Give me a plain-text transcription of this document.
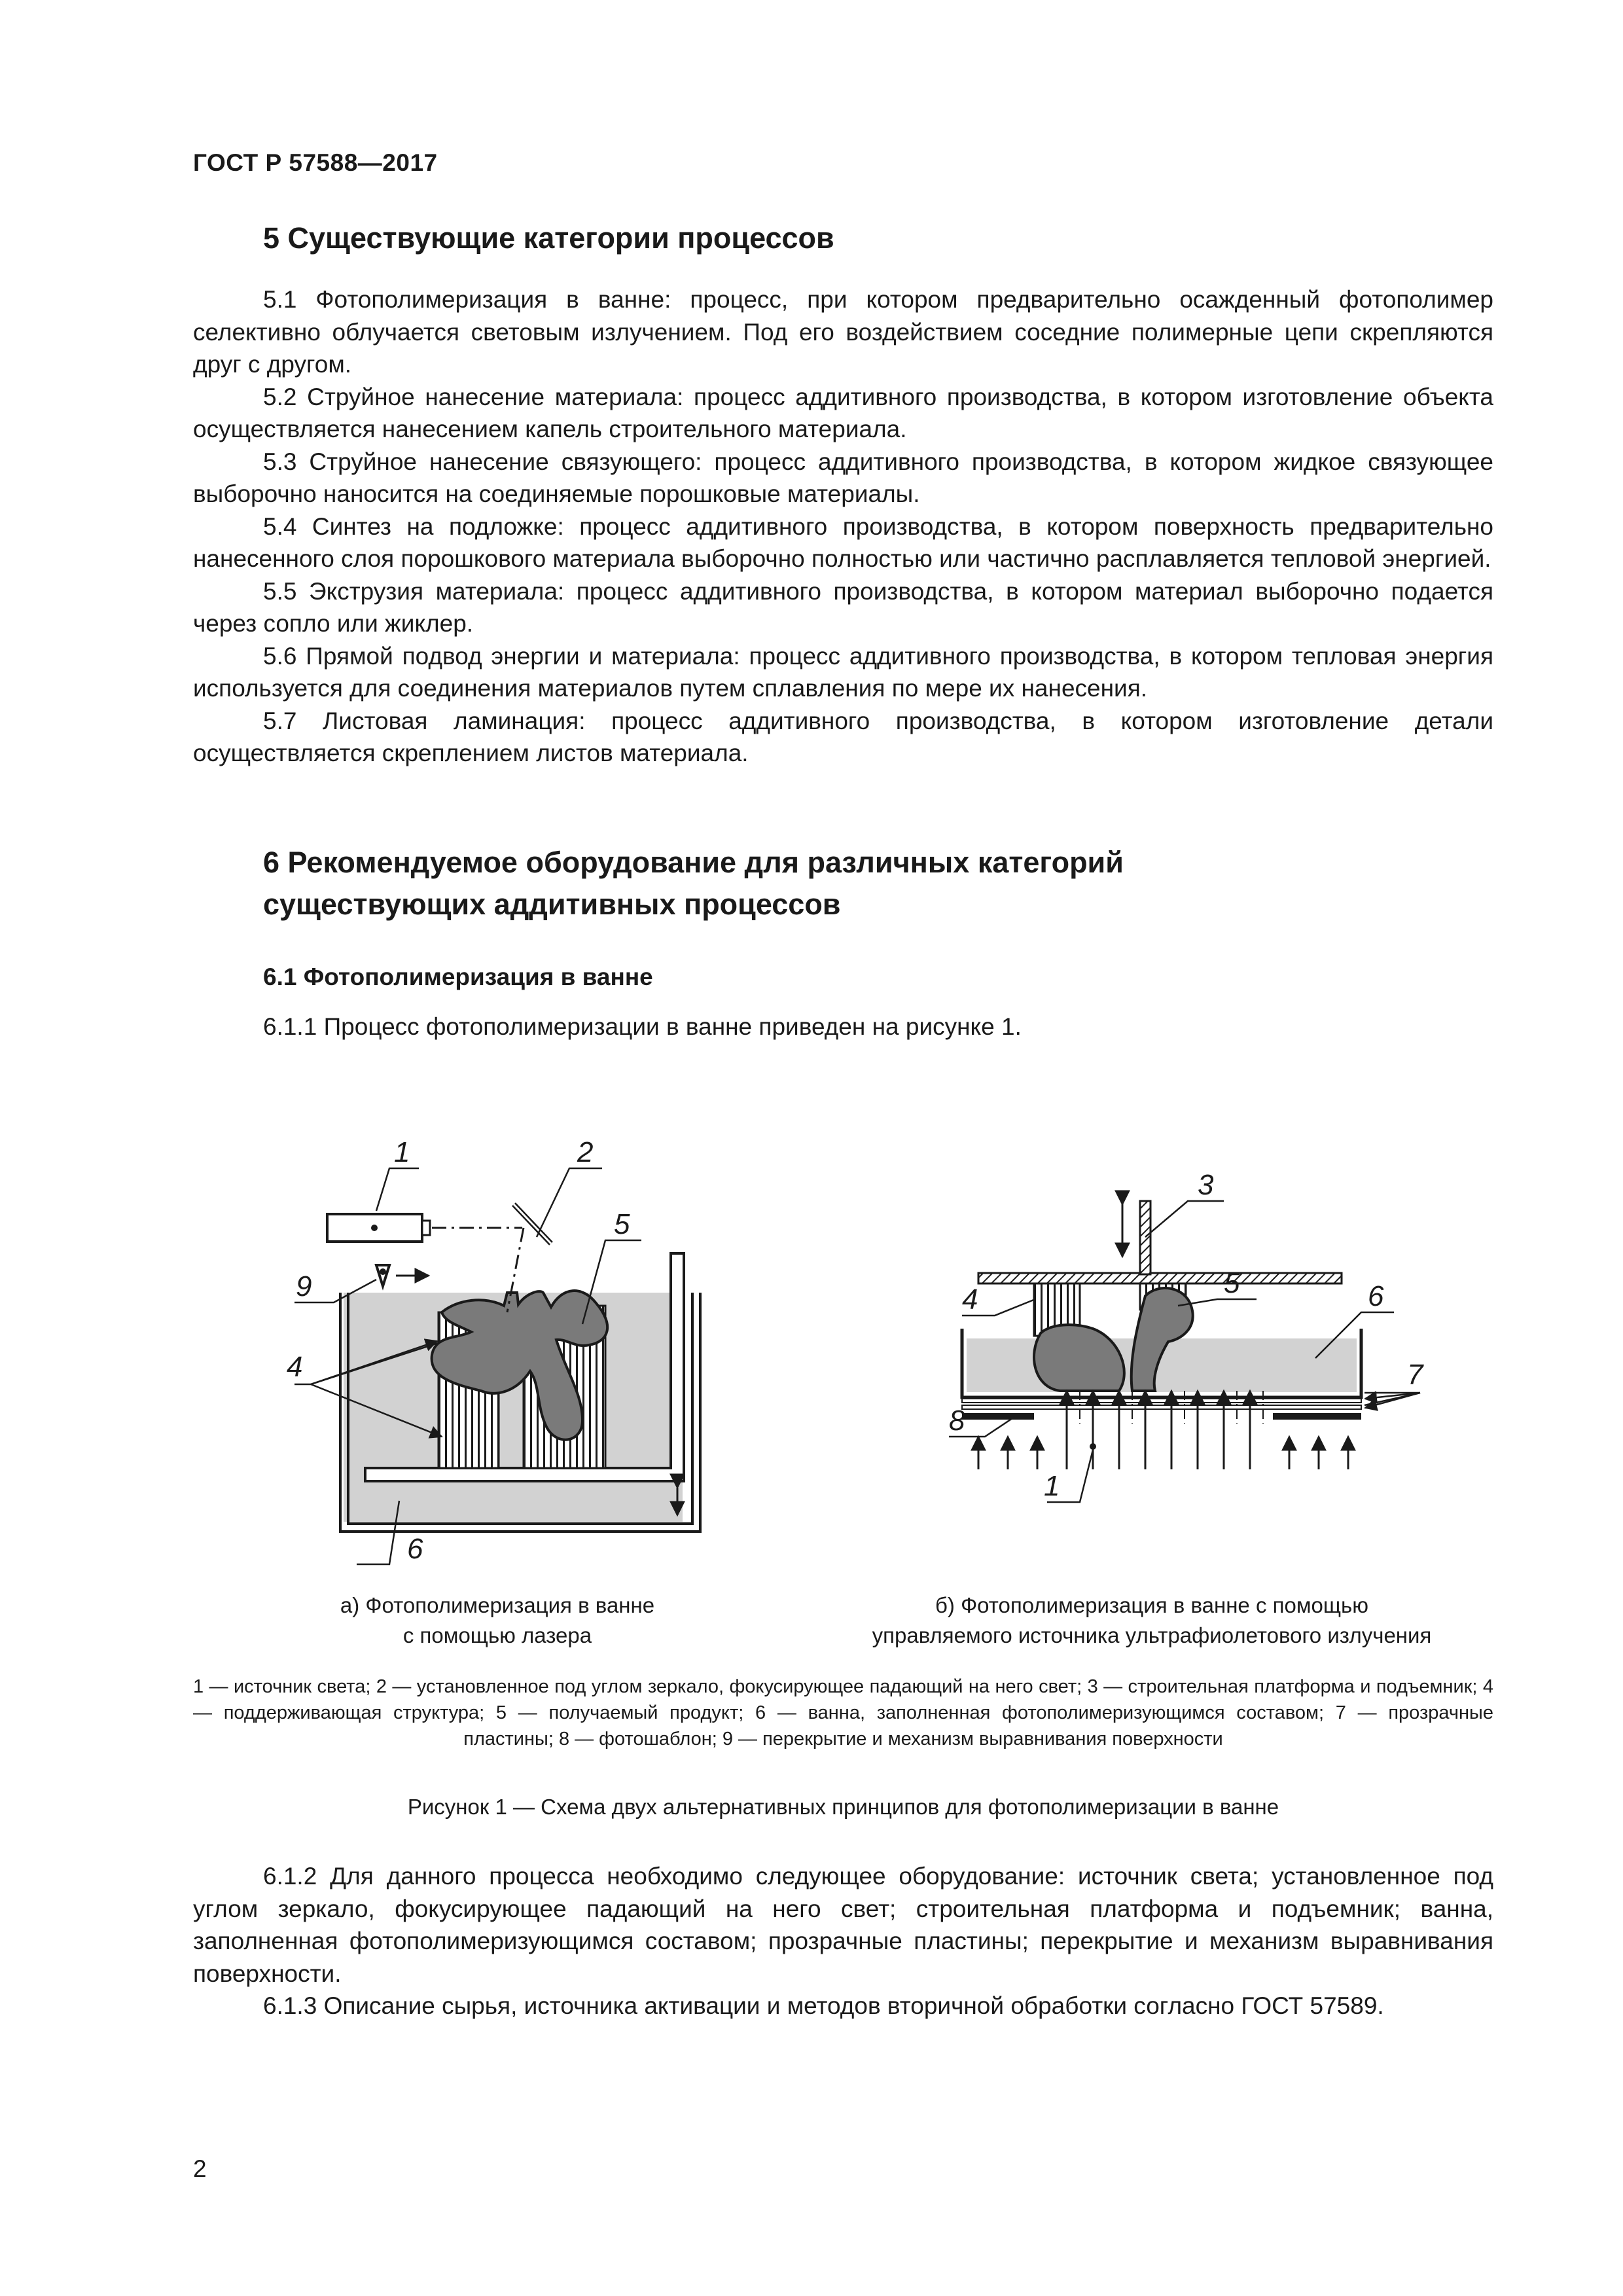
ГОСТ Р 57588—2017
5 Существующие категории процессов

5.1 Фотополимеризация в ванне: процесс, при котором предварительно осажденный фотополимер селективно облучается световым излучением. Под его воздействием соседние полимерные цепи скрепляются друг с другом.

5.2 Струйное нанесение материала: процесс аддитивного производства, в котором изготовление объекта осуществляется нанесением капель строительного материала.

5.3 Струйное нанесение связующего: процесс аддитивного производства, в котором жидкое связующее выборочно наносится на соединяемые порошковые материалы.

5.4 Синтез на подложке: процесс аддитивного производства, в котором поверхность предварительно нанесенного слоя порошкового материала выборочно полностью или частично расплавляется тепловой энергией.

5.5 Экструзия материала: процесс аддитивного производства, в котором материал выборочно подается через сопло или жиклер.

5.6 Прямой подвод энергии и материала: процесс аддитивного производства, в котором тепловая энергия используется для соединения материалов путем сплавления по мере их нанесения.

5.7 Листовая ламинация: процесс аддитивного производства, в котором изготовление детали осуществляется скреплением листов материала.

6 Рекомендуемое оборудование для различных категорий
существующих аддитивных процессов
6.1 Фотополимеризация в ванне
6.1.1 Процесс фотополимеризации в ванне приведен на рисунке 1.
1	2
5
9
4
6
3
5	6
4
7
8
1
а) Фотополимеризация в ванне
с помощью лазера
б) Фотополимеризация в ванне с помощью
управляемого источника ультрафиолетового излучения
1 — источник света; 2 — установленное под углом зеркало, фокусирующее падающий на него свет; 3 — строительная платформа и подъемник; 4 — поддерживающая структура; 5 — получаемый продукт; 6 — ванна, заполненная фотополимеризующимся составом; 7 — прозрачные пластины; 8 — фотошаблон; 9 — перекрытие и механизм выравнивания поверхности
Рисунок 1 — Схема двух альтернативных принципов для фотополимеризации в ванне

6.1.2 Для данного процесса необходимо следующее оборудование: источник света; установленное под углом зеркало, фокусирующее падающий на него свет; строительная платформа и подъемник; ванна, заполненная фотополимеризующимся составом; прозрачные пластины; перекрытие и механизм выравнивания поверхности.

6.1.3 Описание сырья, источника активации и методов вторичной обработки согласно ГОСТ 57589.

2
